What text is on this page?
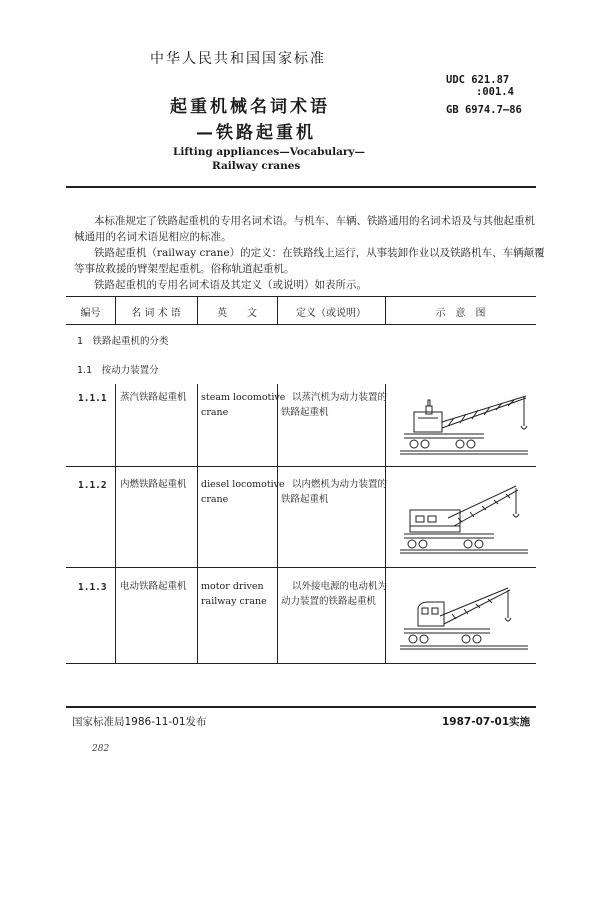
中华人民共和国国家标准
UDC 621.87
:001.4
GB 6974.7—86
起重机械名词术语
—铁路起重机
Lifting appliances—Vocabulary—
Railway cranes
本标准规定了铁路起重机的专用名词术语。与机车、车辆、铁路通用的名词术语及与其他起重机
械通用的名词术语见相应的标准。
铁路起重机（railway crane）的定义：在铁路线上运行，从事装卸作业以及铁路机车、车辆颠覆
等事故救援的臂架型起重机。俗称轨道起重机。
铁路起重机的专用名词术语及其定义（或说明）如表所示。
编号	名 词 术 语	英　　文	定义（或说明）	示　意　图
1　铁路起重机的分类
1.1　按动力装置分
1.1.1 蒸汽铁路起重机 steam locomotive
crane
以蒸汽机为动力装置的
铁路起重机
1.1.2 内燃铁路起重机 diesel locomotive
crane
以内燃机为动力装置的
铁路起重机
1.1.3 电动铁路起重机 motor driven
railway crane
以外接电源的电动机为
动力装置的铁路起重机
国家标准局1986-11-01发布	1987-07-01实施
282
